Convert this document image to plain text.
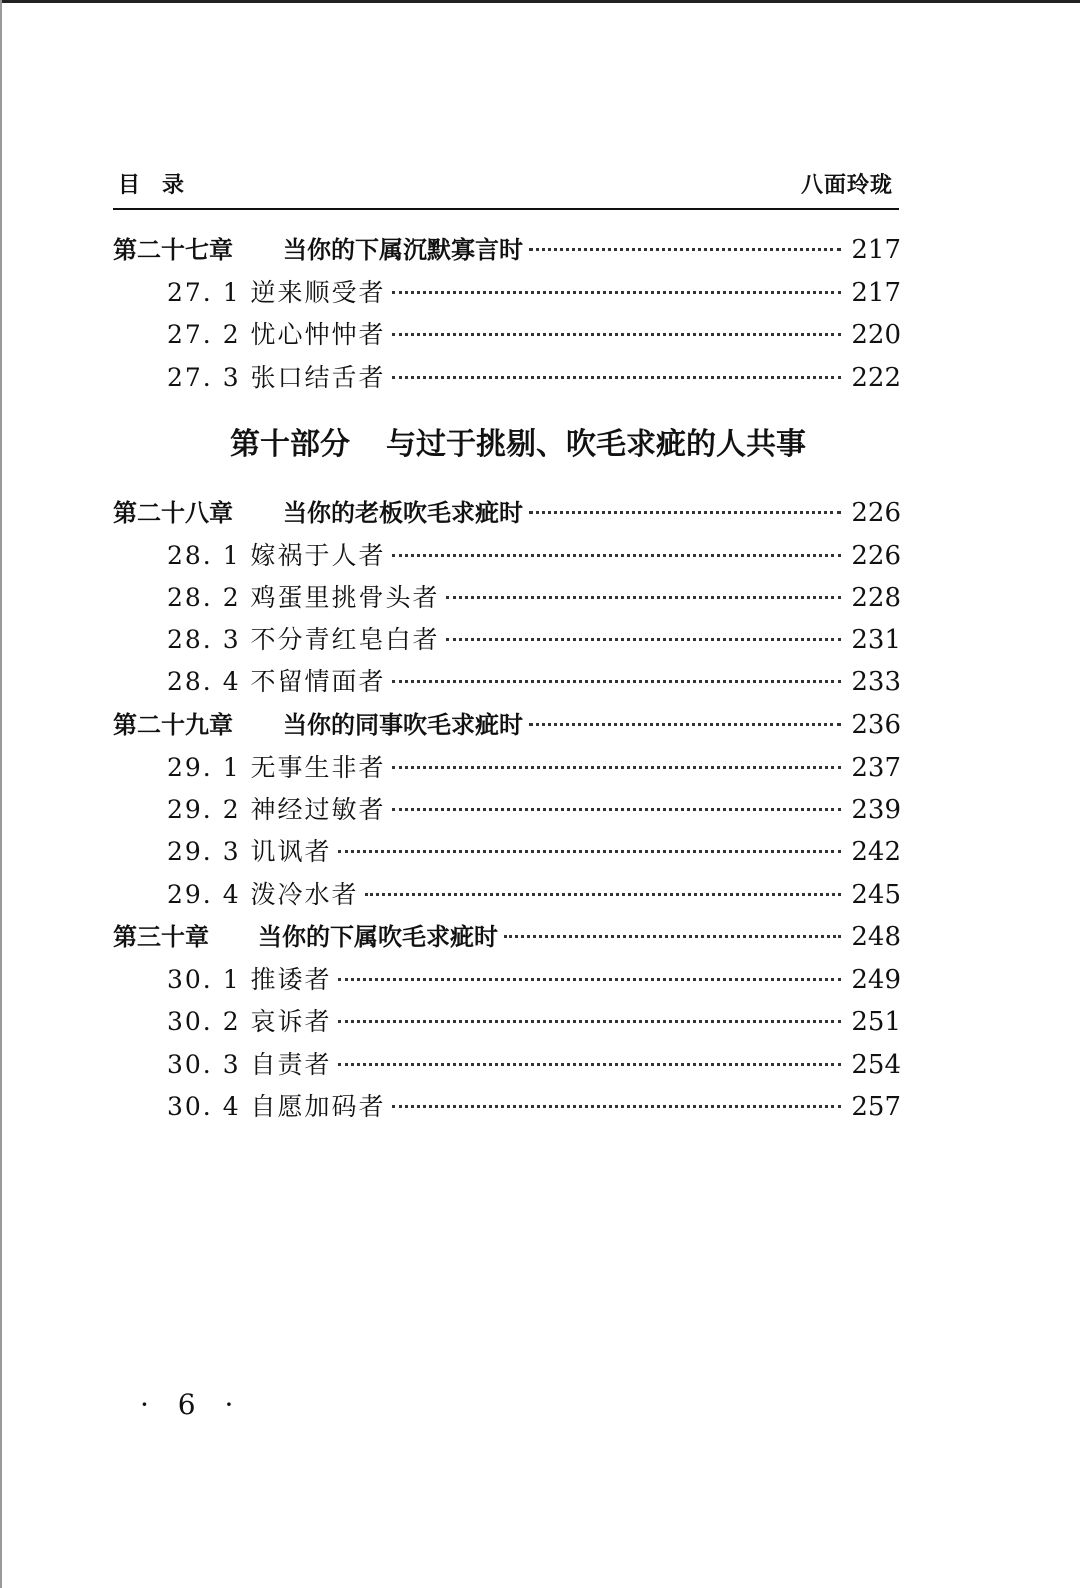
目录	八面玲珑
第二十七章 当你的下属沉默寡言时	217
27. 1 逆来顺受者	217
27. 2 忧心忡忡者	220
27. 3 张口结舌者	222
第十部分 与过于挑剔、吹毛求疵的人共事
第二十八章 当你的老板吹毛求疵时	226
28. 1 嫁祸于人者	226
28. 2 鸡蛋里挑骨头者	228
28. 3 不分青红皂白者	231
28. 4 不留情面者	233
第二十九章 当你的同事吹毛求疵时	236
29. 1 无事生非者	237
29. 2 神经过敏者	239
29. 3 讥讽者	242
29. 4 泼冷水者	245
第三十章 当你的下属吹毛求疵时	248
30. 1 推诿者	249
30. 2 哀诉者	251
30. 3 自责者	254
30. 4 自愿加码者	257
· 6 ·
